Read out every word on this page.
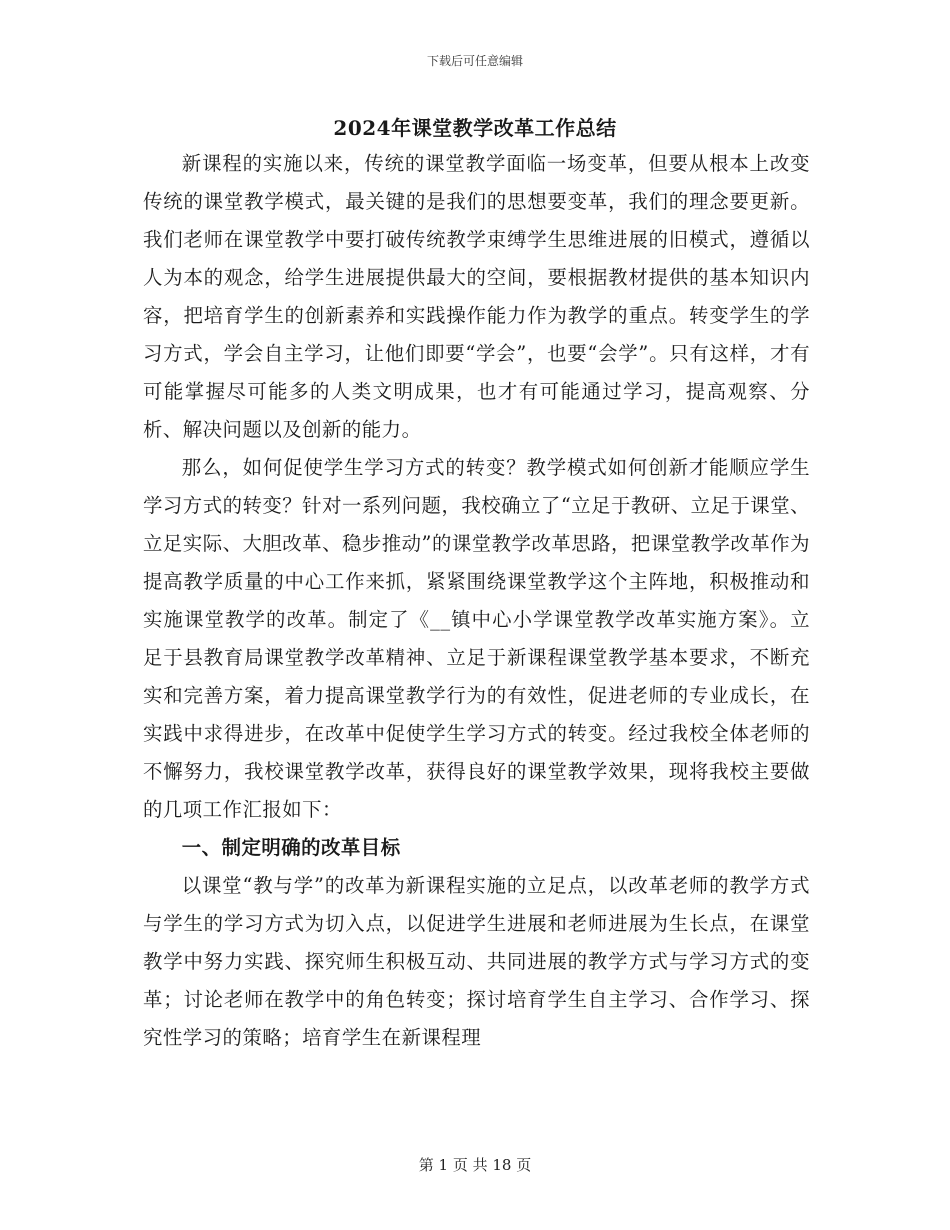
下载后可任意编辑
2024年课堂教学改革工作总结

新课程的实施以来，传统的课堂教学面临一场变革，但要从根本上改变传统的课堂教学模式，最关键的是我们的思想要变革，我们的理念要更新。我们老师在课堂教学中要打破传统教学束缚学生思维进展的旧模式，遵循以人为本的观念，给学生进展提供最大的空间，要根据教材提供的基本知识内容，把培育学生的创新素养和实践操作能力作为教学的重点。转变学生的学习方式，学会自主学习，让他们即要“学会”，也要“会学”。只有这样，才有可能掌握尽可能多的人类文明成果，也才有可能通过学习，提高观察、分析、解决问题以及创新的能力。

那么，如何促使学生学习方式的转变？教学模式如何创新才能顺应学生学习方式的转变？针对一系列问题，我校确立了“立足于教研、立足于课堂、立足实际、大胆改革、稳步推动”的课堂教学改革思路，把课堂教学改革作为提高教学质量的中心工作来抓，紧紧围绕课堂教学这个主阵地，积极推动和实施课堂教学的改革。制定了《__镇中心小学课堂教学改革实施方案》。立足于县教育局课堂教学改革精神、立足于新课程课堂教学基本要求，不断充实和完善方案，着力提高课堂教学行为的有效性，促进老师的专业成长，在实践中求得进步，在改革中促使学生学习方式的转变。经过我校全体老师的不懈努力，我校课堂教学改革，获得良好的课堂教学效果，现将我校主要做的几项工作汇报如下：

一、制定明确的改革目标

以课堂“教与学”的改革为新课程实施的立足点，以改革老师的教学方式与学生的学习方式为切入点，以促进学生进展和老师进展为生长点，在课堂教学中努力实践、探究师生积极互动、共同进展的教学方式与学习方式的变革；讨论老师在教学中的角色转变；探讨培育学生自主学习、合作学习、探究性学习的策略；培育学生在新课程理

第 1 页 共 18 页
